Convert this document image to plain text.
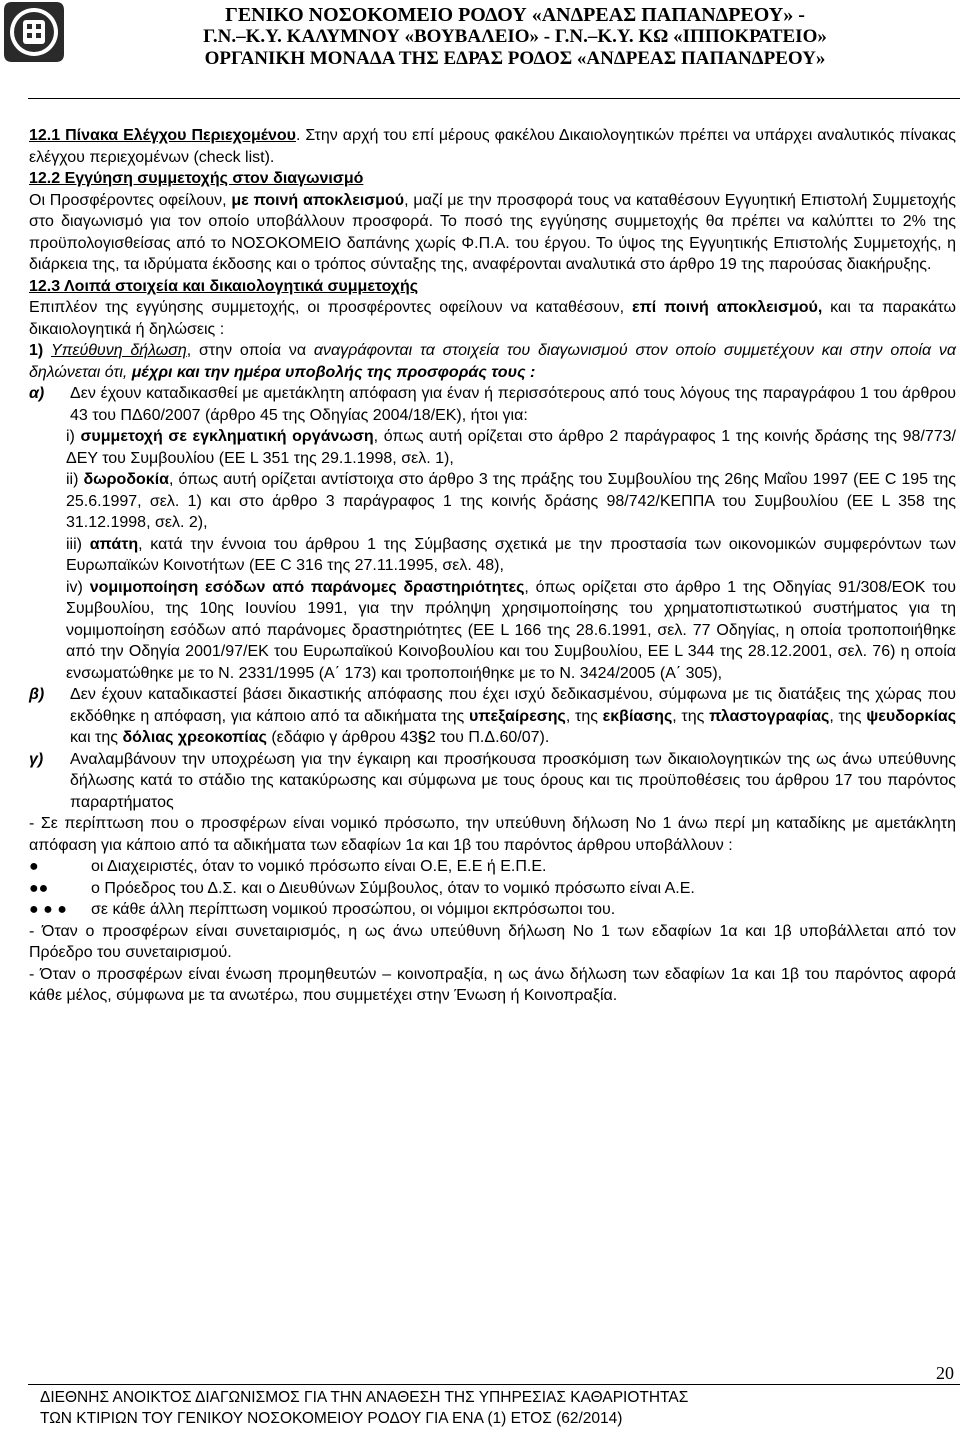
ΓΕΝΙΚΟ ΝΟΣΟΚΟΜΕΙΟ ΡΟΔΟΥ «ΑΝΔΡΕΑΣ ΠΑΠΑΝΔΡΕΟΥ» -
Γ.Ν.–Κ.Υ. ΚΑΛΥΜΝΟΥ «ΒΟΥΒΑΛΕΙΟ» - Γ.Ν.–Κ.Υ. ΚΩ «ΙΠΠΟΚΡΑΤΕΙΟ»
ΟΡΓΑΝΙΚΗ ΜΟΝΑΔΑ ΤΗΣ ΕΔΡΑΣ ΡΟΔΟΣ «ΑΝΔΡΕΑΣ ΠΑΠΑΝΔΡΕΟΥ»

12.1 Πίνακα Ελέγχου Περιεχομένου. Στην αρχή του επί μέρους φακέλου Δικαιολογητικών πρέπει να υπάρχει αναλυτικός πίνακας ελέγχου περιεχομένων (check list).

12.2 Εγγύηση συμμετοχής στον διαγωνισμό

Οι Προσφέροντες οφείλουν, με ποινή αποκλεισμού, μαζί με την προσφορά τους να καταθέσουν Εγγυητική Επιστολή Συμμετοχής στο διαγωνισμό για τον οποίο υποβάλλουν προσφορά. Το ποσό της εγγύησης συμμετοχής θα πρέπει να καλύπτει το 2% της προϋπολογισθείσας από το ΝΟΣΟΚΟΜΕΙΟ δαπάνης χωρίς Φ.Π.Α. του έργου. Το ύψος της Εγγυητικής Επιστολής Συμμετοχής, η διάρκεια της, τα ιδρύματα έκδοσης και ο τρόπος σύνταξης της, αναφέρονται αναλυτικά στο άρθρο 19 της παρούσας διακήρυξης.

12.3 Λοιπά στοιχεία και δικαιολογητικά συμμετοχής

Επιπλέον της εγγύησης συμμετοχής, οι προσφέροντες οφείλουν να καταθέσουν, επί ποινή αποκλεισμού, και τα παρακάτω δικαιολογητικά ή δηλώσεις :

1) Υπεύθυνη δήλωση, στην οποία να αναγράφονται τα στοιχεία του διαγωνισμού στον οποίο συμμετέχουν και στην οποία να δηλώνεται ότι, μέχρι και την ημέρα υποβολής της προσφοράς τους :

α) Δεν έχουν καταδικασθεί με αμετάκλητη απόφαση για έναν ή περισσότερους από τους λόγους της παραγράφου 1 του άρθρου 43 του ΠΔ60/2007 (άρθρο 45 της Οδηγίας 2004/18/ΕΚ), ήτοι για:

i) συμμετοχή σε εγκληματική οργάνωση, όπως αυτή ορίζεται στο άρθρο 2 παράγραφος 1 της κοινής δράσης της 98/773/ΔΕΥ του Συμβουλίου (ΕΕ L 351 της 29.1.1998, σελ. 1),

ii) δωροδοκία, όπως αυτή ορίζεται αντίστοιχα στο άρθρο 3 της πράξης του Συμβουλίου της 26ης Μαΐου 1997 (ΕΕ C 195 της 25.6.1997, σελ. 1) και στο άρθρο 3 παράγραφος 1 της κοινής δράσης 98/742/ΚΕΠΠΑ του Συμβουλίου (ΕΕ L 358 της 31.12.1998, σελ. 2),

iii) απάτη, κατά την έννοια του άρθρου 1 της Σύμβασης σχετικά με την προστασία των οικονομικών συμφερόντων των Ευρωπαϊκών Κοινοτήτων (ΕΕ C 316 της 27.11.1995, σελ. 48),

iv) νομιμοποίηση εσόδων από παράνομες δραστηριότητες, όπως ορίζεται στο άρθρο 1 της Οδηγίας 91/308/ΕΟΚ του Συμβουλίου, της 10ης Ιουνίου 1991, για την πρόληψη χρησιμοποίησης του χρηματοπιστωτικού συστήματος για τη νομιμοποίηση εσόδων από παράνομες δραστηριότητες (ΕΕ L 166 της 28.6.1991, σελ. 77 Οδηγίας, η οποία τροποποιήθηκε από την Οδηγία 2001/97/ΕΚ του Ευρωπαϊκού Κοινοβουλίου και του Συμβουλίου, ΕΕ L 344 της 28.12.2001, σελ. 76) η οποία ενσωματώθηκε με το Ν. 2331/1995 (Α΄ 173) και τροποποιήθηκε με το Ν. 3424/2005 (Α΄ 305),

β) Δεν έχουν καταδικαστεί βάσει δικαστικής απόφασης που έχει ισχύ δεδικασμένου, σύμφωνα με τις διατάξεις της χώρας που εκδόθηκε η απόφαση, για κάποιο από τα αδικήματα της υπεξαίρεσης, της εκβίασης, της πλαστογραφίας, της ψευδορκίας και της δόλιας χρεοκοπίας (εδάφιο γ άρθρου 43§2 του Π.Δ.60/07).

γ) Αναλαμβάνουν την υποχρέωση για την έγκαιρη και προσήκουσα προσκόμιση των δικαιολογητικών της ως άνω υπεύθυνης δήλωσης κατά το στάδιο της κατακύρωσης και σύμφωνα με τους όρους και τις προϋποθέσεις του άρθρου 17 του παρόντος παραρτήματος

- Σε περίπτωση που ο προσφέρων είναι νομικό πρόσωπο, την υπεύθυνη δήλωση Νο 1 άνω περί μη καταδίκης με αμετάκλητη απόφαση για κάποιο από τα αδικήματα των εδαφίων 1α και 1β του παρόντος άρθρου υποβάλλουν :

●	οι Διαχειριστές, όταν το νομικό πρόσωπο είναι Ο.Ε, Ε.Ε ή Ε.Π.Ε.

●●	ο Πρόεδρος του Δ.Σ. και ο Διευθύνων Σύμβουλος, όταν το νομικό πρόσωπο είναι Α.Ε.

● ● ● σε κάθε άλλη περίπτωση νομικού προσώπου, οι νόμιμοι εκπρόσωποι του.

- Όταν ο προσφέρων είναι συνεταιρισμός, η ως άνω υπεύθυνη δήλωση Νο 1 των εδαφίων 1α και 1β υποβάλλεται από τον Πρόεδρο του συνεταιρισμού.

- Όταν ο προσφέρων είναι ένωση προμηθευτών – κοινοπραξία, η ως άνω δήλωση των εδαφίων 1α και 1β του παρόντος αφορά κάθε μέλος, σύμφωνα με τα ανωτέρω, που συμμετέχει στην Ένωση ή Κοινοπραξία.

20
ΔΙΕΘΝΗΣ ΑΝΟΙΚΤΟΣ ΔΙΑΓΩΝΙΣΜΟΣ ΓΙΑ ΤΗΝ ΑΝΑΘΕΣΗ ΤΗΣ ΥΠΗΡΕΣΙΑΣ ΚΑΘΑΡΙΟΤΗΤΑΣ
ΤΩΝ ΚΤΙΡΙΩΝ ΤΟΥ ΓΕΝΙΚΟΥ ΝΟΣΟΚΟΜΕΙΟΥ ΡΟΔΟΥ ΓΙΑ ΕΝΑ (1) ΕΤΟΣ (62/2014)
